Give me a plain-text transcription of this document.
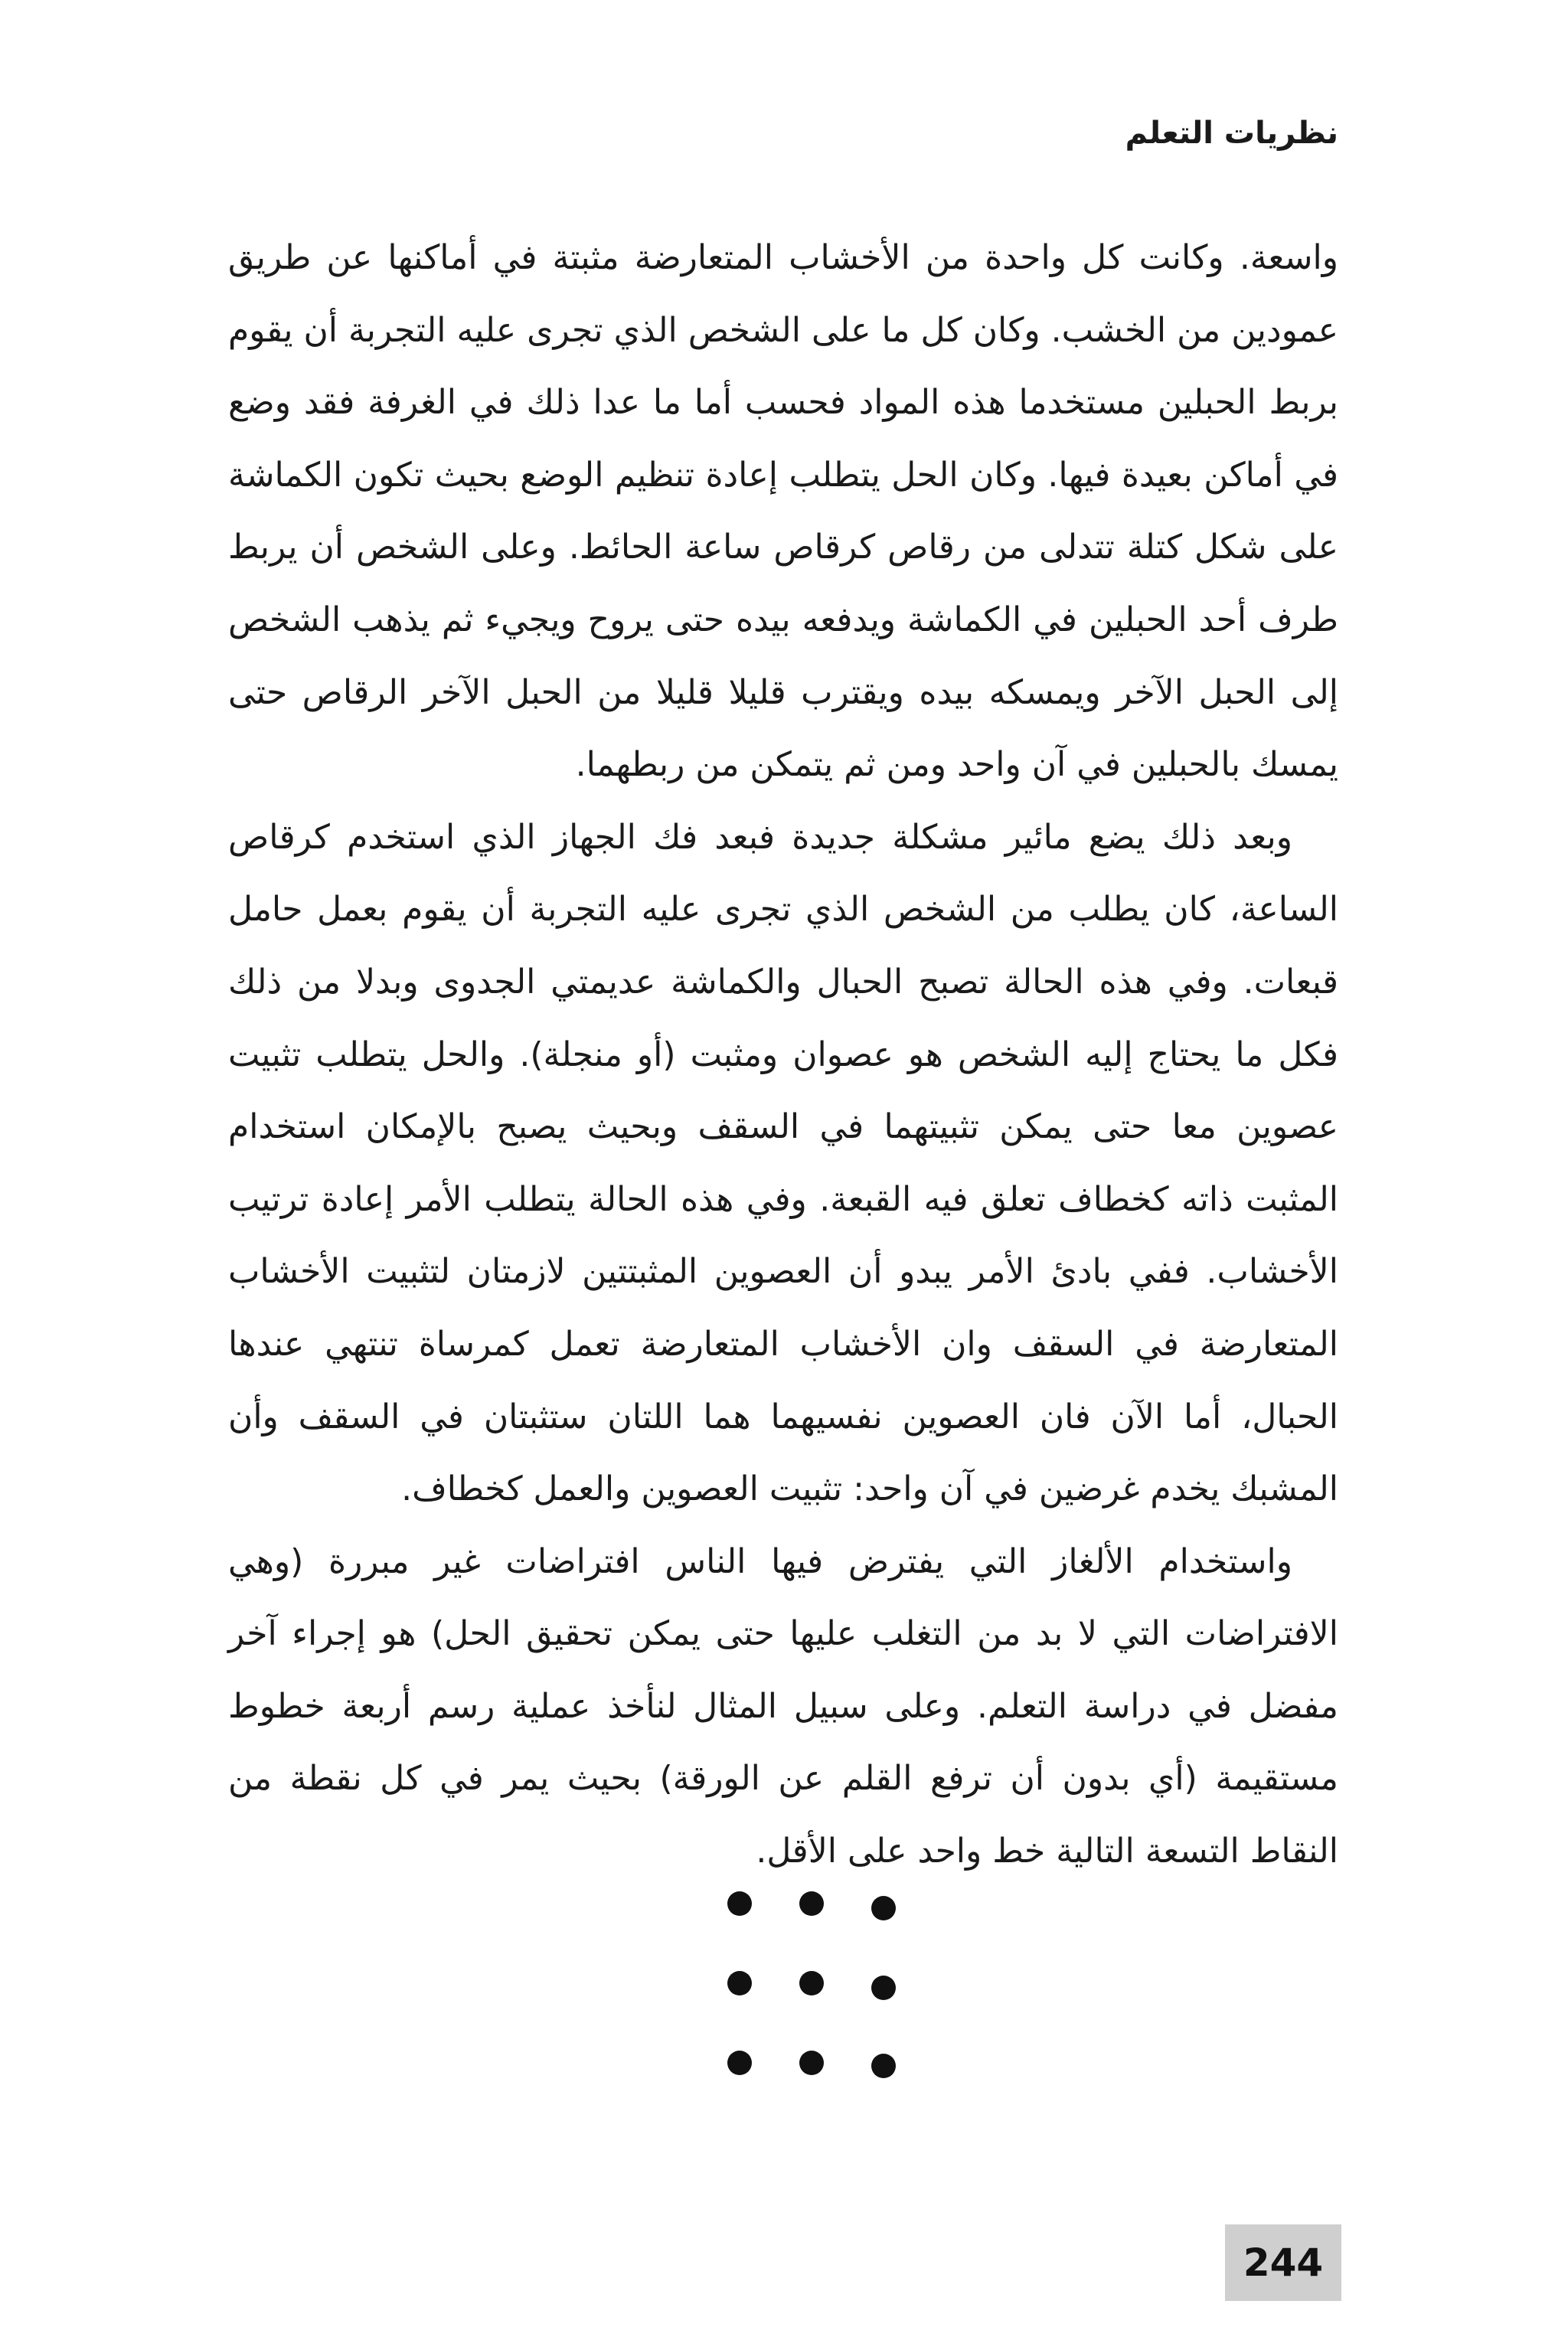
نظريات التعلم

واسعة. وكانت كل واحدة من الأخشاب المتعارضة مثبتة في أماكنها عن طريق عمودين من الخشب. وكان كل ما على الشخص الذي تجرى عليه التجربة أن يقوم بربط الحبلين مستخدما هذه المواد فحسب أما ما عدا ذلك في الغرفة فقد وضع في أماكن بعيدة فيها. وكان الحل يتطلب إعادة تنظيم الوضع بحيث تكون الكماشة على شكل كتلة تتدلى من رقاص كرقاص ساعة الحائط. وعلى الشخص أن يربط طرف أحد الحبلين في الكماشة ويدفعه بيده حتى يروح ويجيء ثم يذهب الشخص إلى الحبل الآخر ويمسكه بيده ويقترب قليلا قليلا من الحبل الآخر الرقاص حتى يمسك بالحبلين في آن واحد ومن ثم يتمكن من ربطهما.

وبعد ذلك يضع مائير مشكلة جديدة فبعد فك الجهاز الذي استخدم كرقاص الساعة، كان يطلب من الشخص الذي تجرى عليه التجربة أن يقوم بعمل حامل قبعات. وفي هذه الحالة تصبح الحبال والكماشة عديمتي الجدوى وبدلا من ذلك فكل ما يحتاج إليه الشخص هو عصوان ومثبت (أو منجلة). والحل يتطلب تثبيت عصوين معا حتى يمكن تثبيتهما في السقف وبحيث يصبح بالإمكان استخدام المثبت ذاته كخطاف تعلق فيه القبعة. وفي هذه الحالة يتطلب الأمر إعادة ترتيب الأخشاب. ففي بادئ الأمر يبدو أن العصوين المثبتتين لازمتان لتثبيت الأخشاب المتعارضة في السقف وان الأخشاب المتعارضة تعمل كمرساة تنتهي عندها الحبال، أما الآن فان العصوين نفسيهما هما اللتان ستثبتان في السقف وأن المشبك يخدم غرضين في آن واحد: تثبيت العصوين والعمل كخطاف.

واستخدام الألغاز التي يفترض فيها الناس افتراضات غير مبررة (وهي الافتراضات التي لا بد من التغلب عليها حتى يمكن تحقيق الحل) هو إجراء آخر مفضل في دراسة التعلم. وعلى سبيل المثال لنأخذ عملية رسم أربعة خطوط مستقيمة (أي بدون أن ترفع القلم عن الورقة) بحيث يمر في كل نقطة من النقاط التسعة التالية خط واحد على الأقل.

244
